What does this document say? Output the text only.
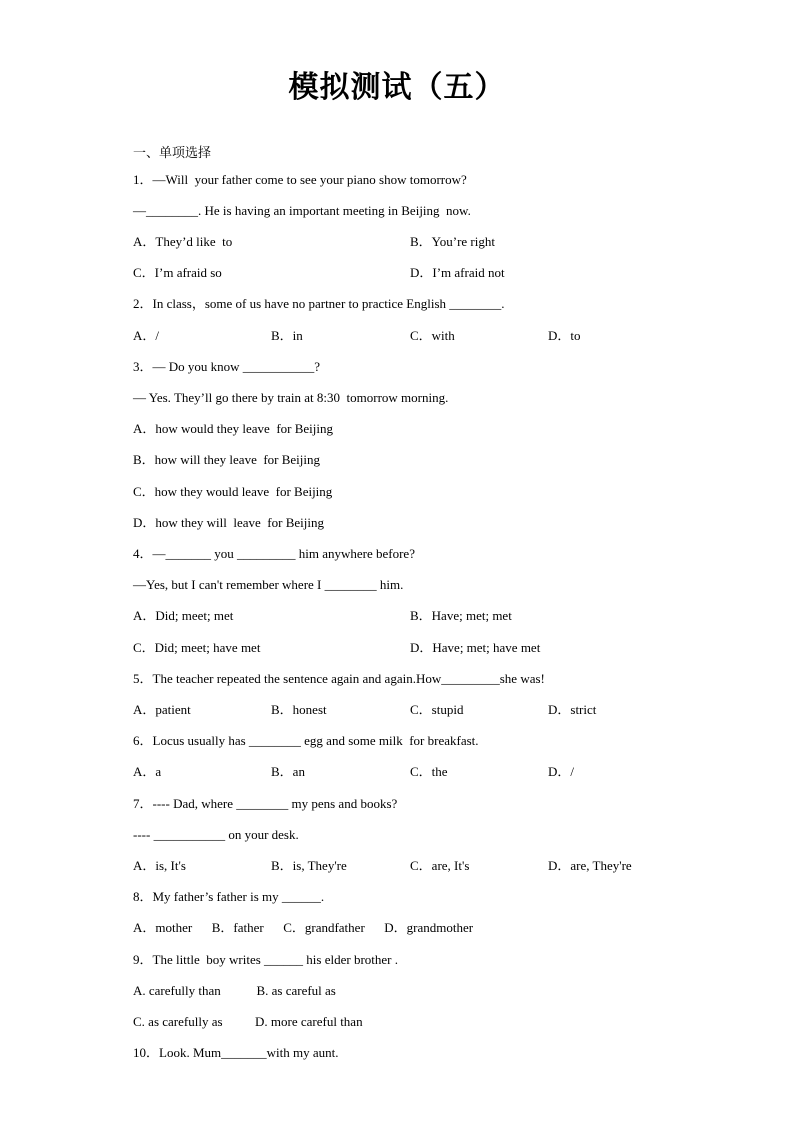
模拟测试（五）
一、单项选择
1．—Will  your father come to see your piano show tomorrow?
—________. He is having an important meeting in Beijing  now.
A．They’d like  to	B．You’re right
C．I’m afraid so	D．I’m afraid not
2．In class，some of us have no partner to practice English ________.
A．/	B．in	C．with	D．to
3．— Do you know ___________?
— Yes. They’ll go there by train at 8:30  tomorrow morning.
A．how would they leave  for Beijing
B．how will they leave  for Beijing
C．how they would leave  for Beijing
D．how they will  leave  for Beijing
4．—_______ you _________ him anywhere before?
—Yes, but I can't remember where I ________ him.
A．Did; meet; met	B．Have; met; met
C．Did; meet; have met	D．Have; met; have met
5．The teacher repeated the sentence again and again.How_________she was!
A．patient	B．honest	C．stupid	D．strict
6．Locus usually has ________ egg and some milk  for breakfast.
A．a	B．an	C．the	D．/
7．---- Dad, where ________ my pens and books?
---- ___________ on your desk.
A．is, It's	B．is, They're	C．are, It's	D．are, They're
8．My father’s father is my ______.
A．mother      B．father      C．grandfather      D．grandmother
9．The little  boy writes ______ his elder brother .
A. carefully than           B. as careful as
C. as carefully as          D. more careful than
10．Look. Mum_______with my aunt.
